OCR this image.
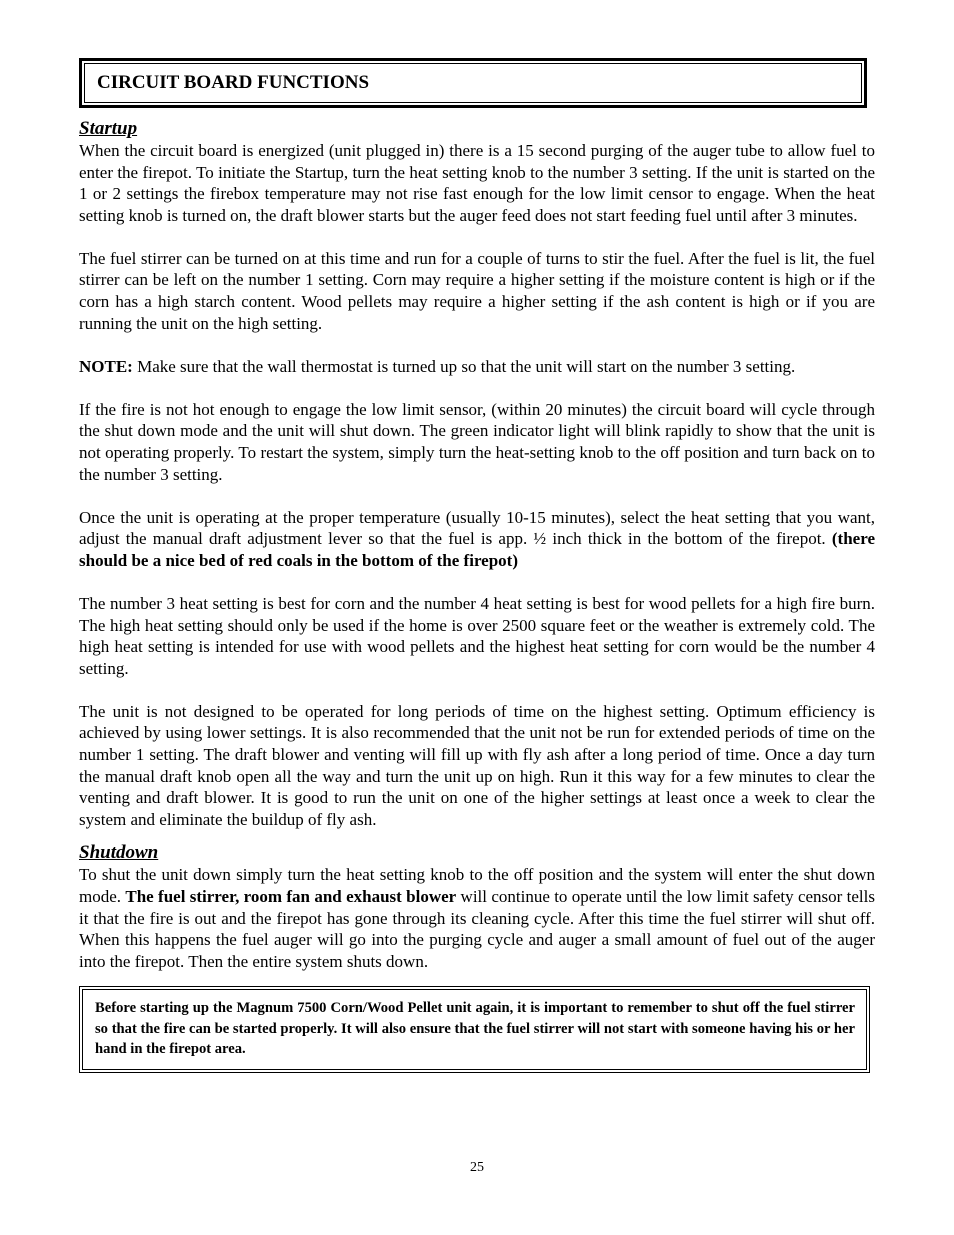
CIRCUIT BOARD FUNCTIONS
Startup

When the circuit board is energized (unit plugged in) there is a 15 second purging of the auger tube to allow fuel to enter the firepot. To initiate the Startup, turn the heat setting knob to the number 3 setting. If the unit is started on the 1 or 2 settings the firebox temperature may not rise fast enough for the low limit censor to engage. When the heat setting knob is turned on, the draft blower starts but the auger feed does not start feeding fuel until after 3 minutes.

The fuel stirrer can be turned on at this time and run for a couple of turns to stir the fuel. After the fuel is lit, the fuel stirrer can be left on the number 1 setting. Corn may require a higher setting if the moisture content is high or if the corn has a high starch content. Wood pellets may require a higher setting if the ash content is high or if you are running the unit on the high setting.

NOTE: Make sure that the wall thermostat is turned up so that the unit will start on the number 3 setting.

If the fire is not hot enough to engage the low limit sensor, (within 20 minutes) the circuit board will cycle through the shut down mode and the unit will shut down. The green indicator light will blink rapidly to show that the unit is not operating properly. To restart the system, simply turn the heat-setting knob to the off position and turn back on to the number 3 setting.

Once the unit is operating at the proper temperature (usually 10-15 minutes), select the heat setting that you want, adjust the manual draft adjustment lever so that the fuel is app. ½ inch thick in the bottom of the firepot. (there should be a nice bed of red coals in the bottom of the firepot)

The number 3 heat setting is best for corn and the number 4 heat setting is best for wood pellets for a high fire burn. The high heat setting should only be used if the home is over 2500 square feet or the weather is extremely cold. The high heat setting is intended for use with wood pellets and the highest heat setting for corn would be the number 4 setting.

The unit is not designed to be operated for long periods of time on the highest setting. Optimum efficiency is achieved by using lower settings. It is also recommended that the unit not be run for extended periods of time on the number 1 setting. The draft blower and venting will fill up with fly ash after a long period of time. Once a day turn the manual draft knob open all the way and turn the unit up on high. Run it this way for a few minutes to clear the venting and draft blower. It is good to run the unit on one of the higher settings at least once a week to clear the system and eliminate the buildup of fly ash.

Shutdown

To shut the unit down simply turn the heat setting knob to the off position and the system will enter the shut down mode. The fuel stirrer, room fan and exhaust blower will continue to operate until the low limit safety censor tells it that the fire is out and the firepot has gone through its cleaning cycle. After this time the fuel stirrer will shut off. When this happens the fuel auger will go into the purging cycle and auger a small amount of fuel out of the auger into the firepot. Then the entire system shuts down.

Before starting up the Magnum 7500 Corn/Wood Pellet unit again, it is important to remember to shut off the fuel stirrer so that the fire can be started properly. It will also ensure that the fuel stirrer will not start with someone having his or her hand in the firepot area.

25
